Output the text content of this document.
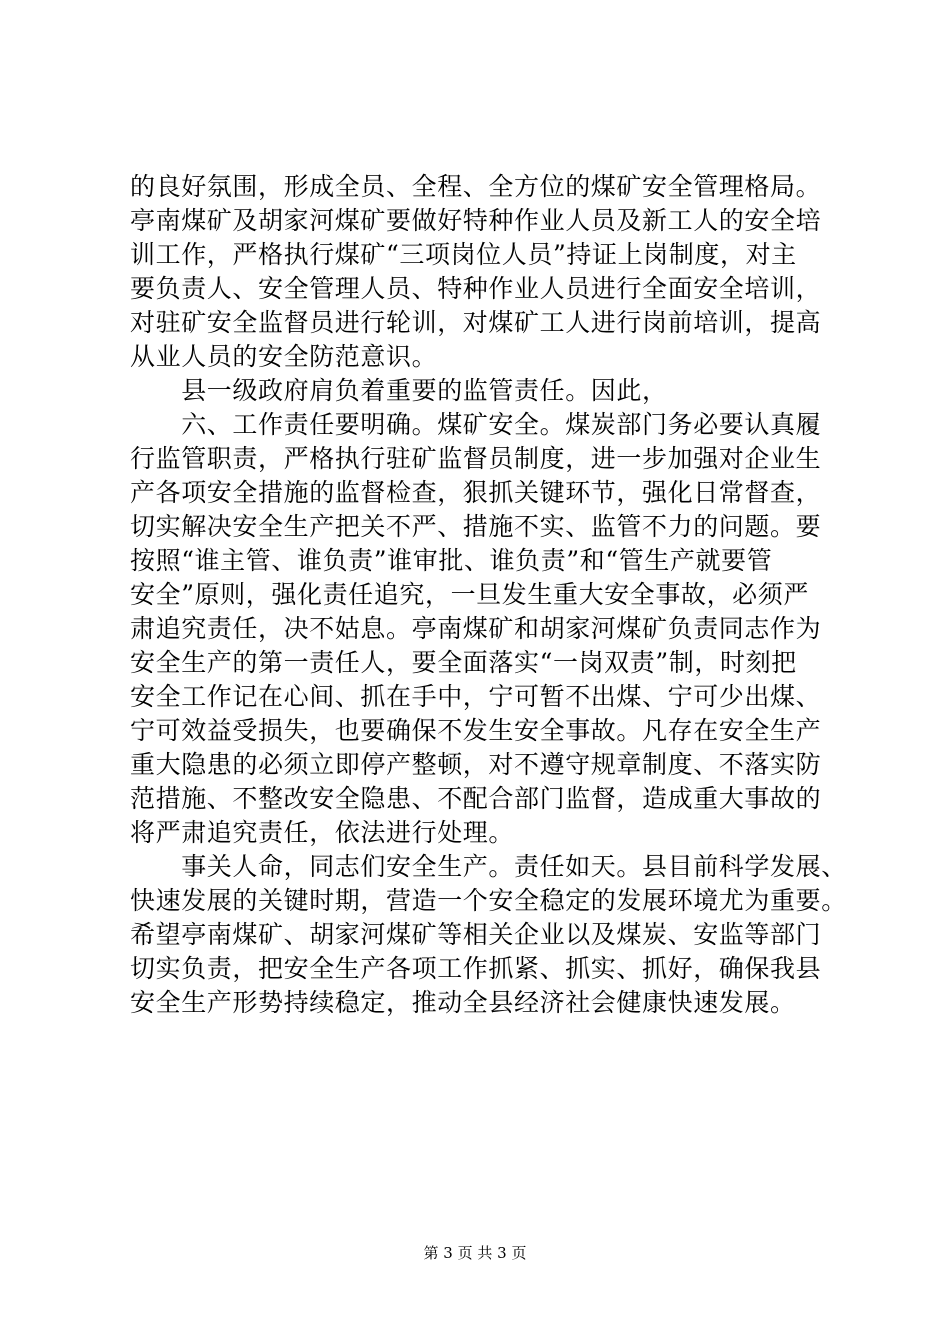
的良好氛围，形成全员、全程、全方位的煤矿安全管理格局。
亭南煤矿及胡家河煤矿要做好特种作业人员及新工人的安全培
训工作，严格执行煤矿“三项岗位人员”持证上岗制度，对主
要负责人、安全管理人员、特种作业人员进行全面安全培训，
对驻矿安全监督员进行轮训，对煤矿工人进行岗前培训，提高
从业人员的安全防范意识。
　　县一级政府肩负着重要的监管责任。因此，
　　六、工作责任要明确。煤矿安全。煤炭部门务必要认真履
行监管职责，严格执行驻矿监督员制度，进一步加强对企业生
产各项安全措施的监督检查，狠抓关键环节，强化日常督查，
切实解决安全生产把关不严、措施不实、监管不力的问题。要
按照“谁主管、谁负责”谁审批、谁负责”和“管生产就要管
安全”原则，强化责任追究，一旦发生重大安全事故，必须严
肃追究责任，决不姑息。亭南煤矿和胡家河煤矿负责同志作为
安全生产的第一责任人，要全面落实“一岗双责”制，时刻把
安全工作记在心间、抓在手中，宁可暂不出煤、宁可少出煤、
宁可效益受损失，也要确保不发生安全事故。凡存在安全生产
重大隐患的必须立即停产整顿，对不遵守规章制度、不落实防
范措施、不整改安全隐患、不配合部门监督，造成重大事故的
将严肃追究责任，依法进行处理。
　　事关人命，同志们安全生产。责任如天。县目前科学发展、
快速发展的关键时期，营造一个安全稳定的发展环境尤为重要。
希望亭南煤矿、胡家河煤矿等相关企业以及煤炭、安监等部门
切实负责，把安全生产各项工作抓紧、抓实、抓好，确保我县
安全生产形势持续稳定，推动全县经济社会健康快速发展。
第 3 页 共 3 页
